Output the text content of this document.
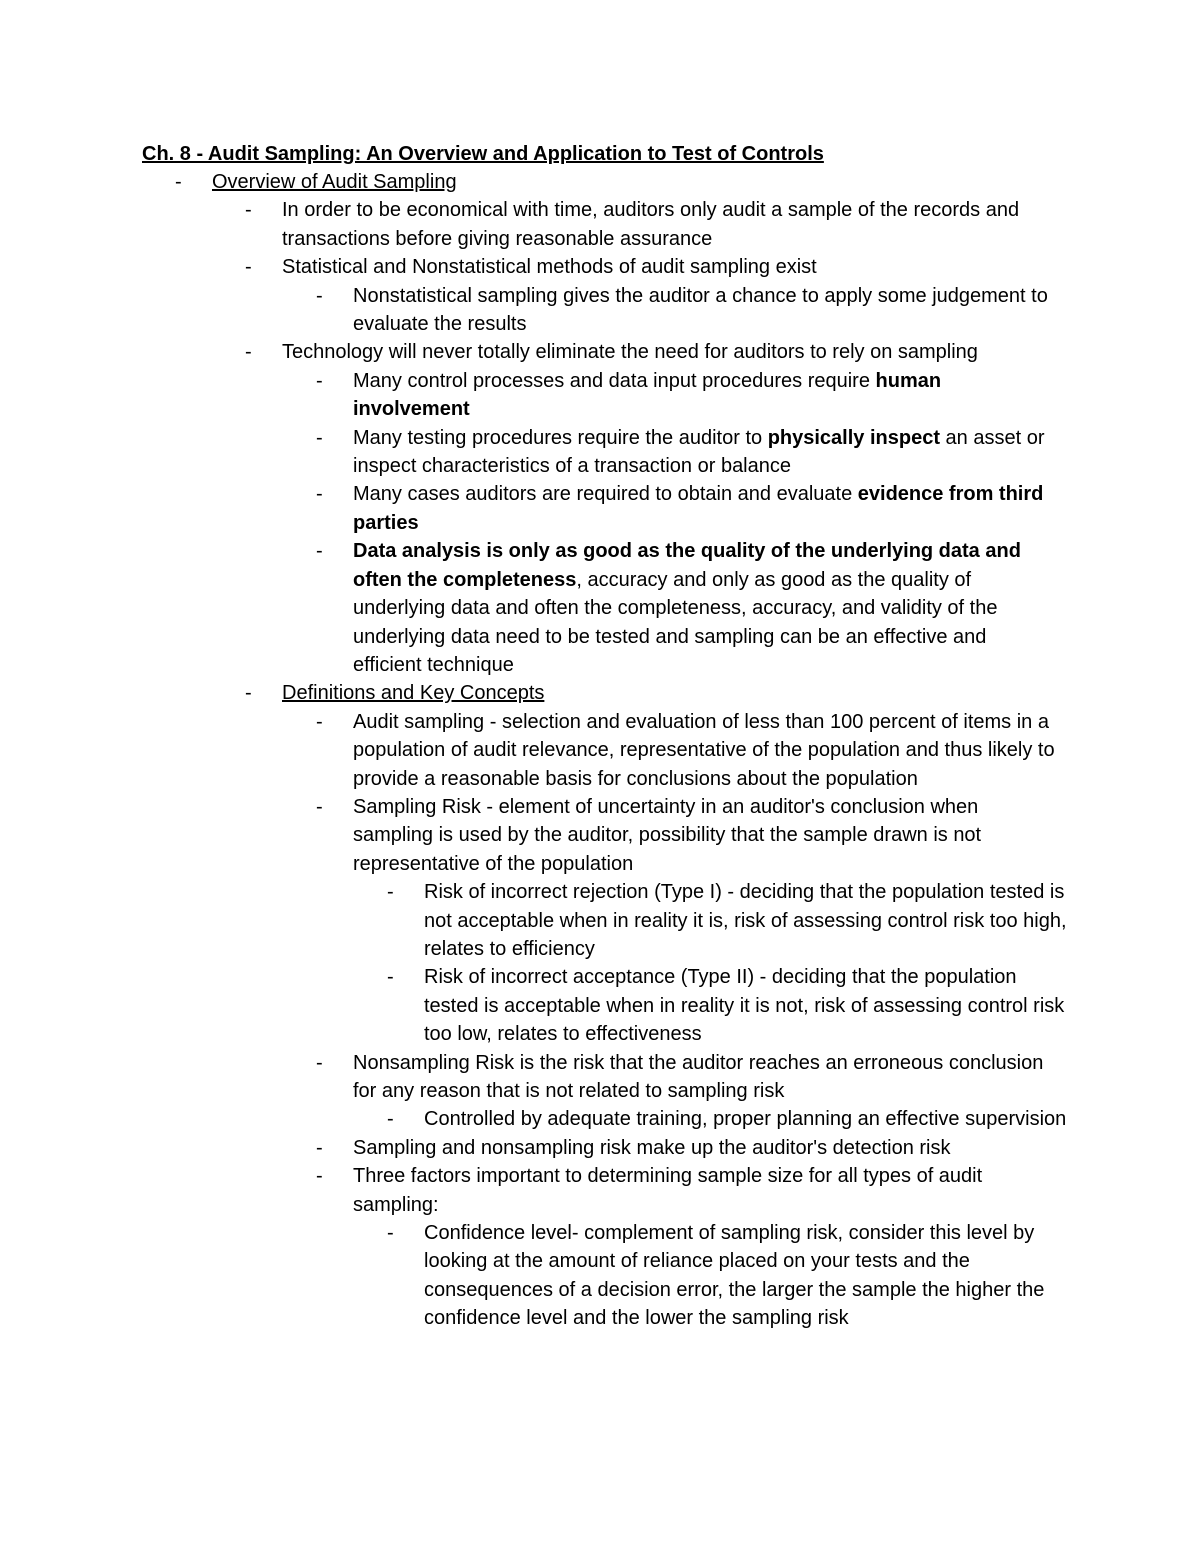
Ch. 8 - Audit Sampling: An Overview and Application to Test of Controls
- Overview of Audit Sampling
- In order to be economical with time, auditors only audit a sample of the records and transactions before giving reasonable assurance
- Statistical and Nonstatistical methods of audit sampling exist
- Nonstatistical sampling gives the auditor a chance to apply some judgement to evaluate the results
- Technology will never totally eliminate the need for auditors to rely on sampling
- Many control processes and data input procedures require human involvement
- Many testing procedures require the auditor to physically inspect an asset or inspect characteristics of a transaction or balance
- Many cases auditors are required to obtain and evaluate evidence from third parties
- Data analysis is only as good as the quality of the underlying data and often the completeness, accuracy and only as good as the quality of underlying data and often the completeness, accuracy, and validity of the underlying data need to be tested and sampling can be an effective and efficient technique
- Definitions and Key Concepts
- Audit sampling - selection and evaluation of less than 100 percent of items in a population of audit relevance, representative of the population and thus likely to provide a reasonable basis for conclusions about the population
- Sampling Risk - element of uncertainty in an auditor's conclusion when sampling is used by the auditor, possibility that the sample drawn is not representative of the population
- Risk of incorrect rejection (Type I) - deciding that the population tested is not acceptable when in reality it is, risk of assessing control risk too high, relates to efficiency
- Risk of incorrect acceptance (Type II) - deciding that the population tested is acceptable when in reality it is not, risk of assessing control risk too low, relates to effectiveness
- Nonsampling Risk is the risk that the auditor reaches an erroneous conclusion for any reason that is not related to sampling risk
- Controlled by adequate training, proper planning an effective supervision
- Sampling and nonsampling risk make up the auditor's detection risk
- Three factors important to determining sample size for all types of audit sampling:
- Confidence level- complement of sampling risk, consider this level by looking at the amount of reliance placed on your tests and the consequences of a decision error, the larger the sample the higher the confidence level and the lower the sampling risk
